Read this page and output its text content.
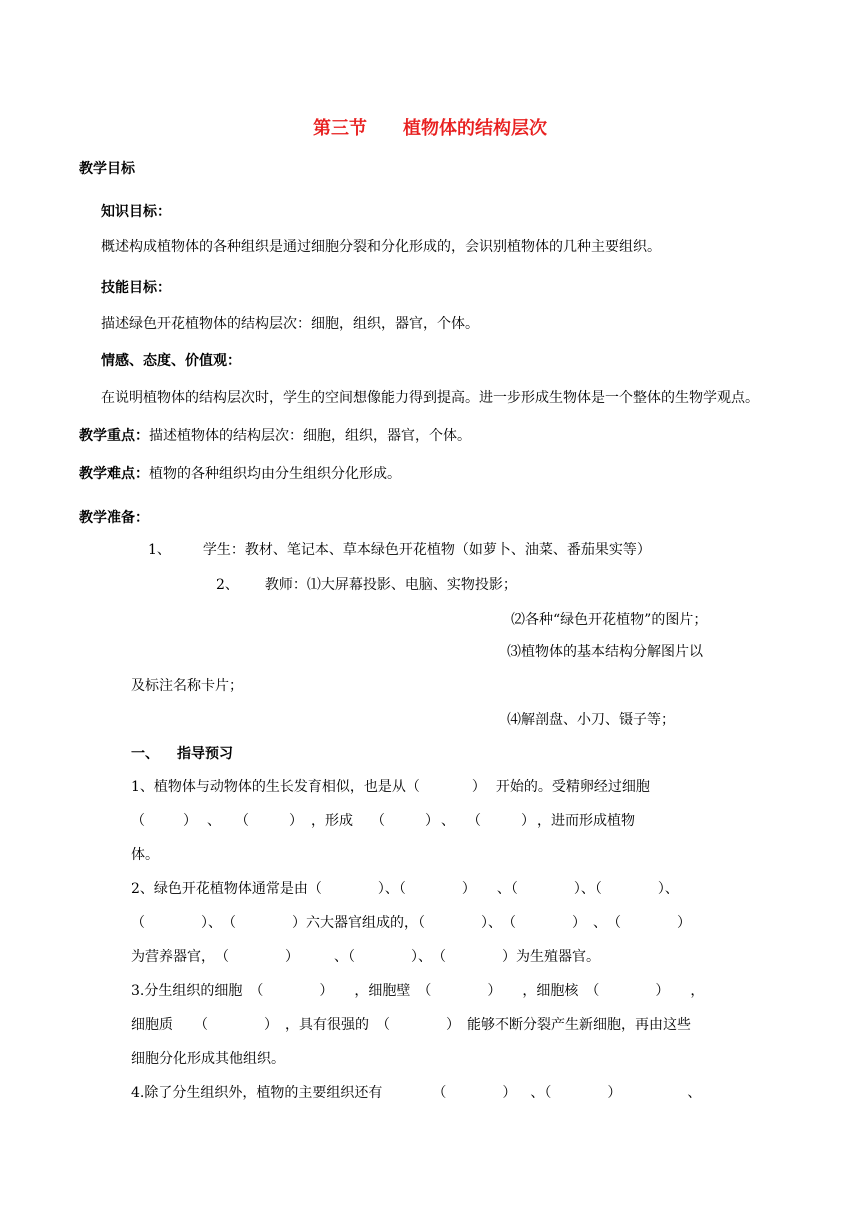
第三节 植物体的结构层次
教学目标
知识目标：
概述构成植物体的各种组织是通过细胞分裂和分化形成的，会识别植物体的几种主要组织。
技能目标：
描述绿色开花植物体的结构层次：细胞，组织，器官，个体。
情感、态度、价值观：
在说明植物体的结构层次时，学生的空间想像能力得到提高。进一步形成生物体是一个整体的生物学观点。
教学重点：描述植物体的结构层次：细胞，组织，器官，个体。
教学难点：植物的各种组织均由分生组织分化形成。
教学准备：
1、 学生：教材、笔记本、草本绿色开花植物（如萝卜、油菜、番茄果实等）
2、 教师：⑴大屏幕投影、电脑、实物投影；
⑵各种“绿色开花植物”的图片；
⑶植物体的基本结构分解图片以
及标注名称卡片；
⑷解剖盘、小刀、镊子等；
一、 指导预习
1、植物体与动物体的生长发育相似，也是从（	） 开始的。受精卵经过细胞
（	） 、 （	） ，形成 （	） 、 （	） ，进而形成植物
体。
2、绿色开花植物体通常是由（　　　　）、（　　　　）　　、（　　　　）、（　　　　）、
（　　　　）、　（　　　　）六大器官组成的，（　　　　）、　（　　　　）　、　（　　　　）
为营养器官，　（　　　　）　　　、（　　　　）、　（　　　　）为生殖器官。
3.分生组织的细胞　（　　　　）　　，细胞壁　（　　　　）　　，细胞核　（　　　　）　　，
细胞质　　（　　　　）　，具有很强的　（　　　　）　能够不断分裂产生新细胞，再由这些
细胞分化形成其他组织。
4.除了分生组织外，植物的主要组织还有	（　　　　） 、（　　　　）	、
